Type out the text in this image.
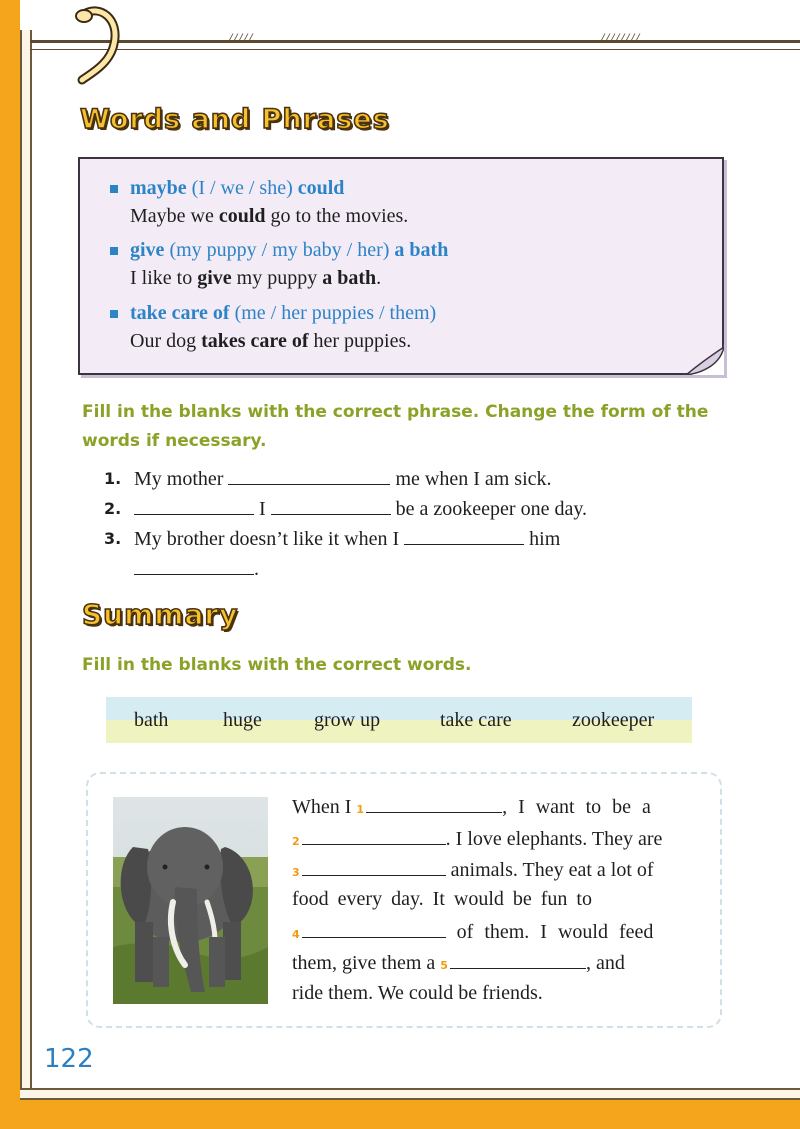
/////	////////
Words and Phrases
maybe (I / we / she) could
Maybe we could go to the movies.
give (my puppy / my baby / her) a bath
I like to give my puppy a bath.
take care of (me / her puppies / them)
Our dog takes care of her puppies.
Fill in the blanks with the correct phrase. Change the form of the words if necessary.
1. My mother	me when I am sick.
2.	I	be a zookeeper one day.
3. My brother doesn’t like it when I	him
.
Summary
Fill in the blanks with the correct words.
bath	huge	grow up	take care	zookeeper
When I 1	, I want to be a
2	. I love elephants. They are
3	animals. They eat a lot of
food every day. It would be fun to
4	of them. I would feed
them, give them a 5	, and
ride them. We could be friends.
122
